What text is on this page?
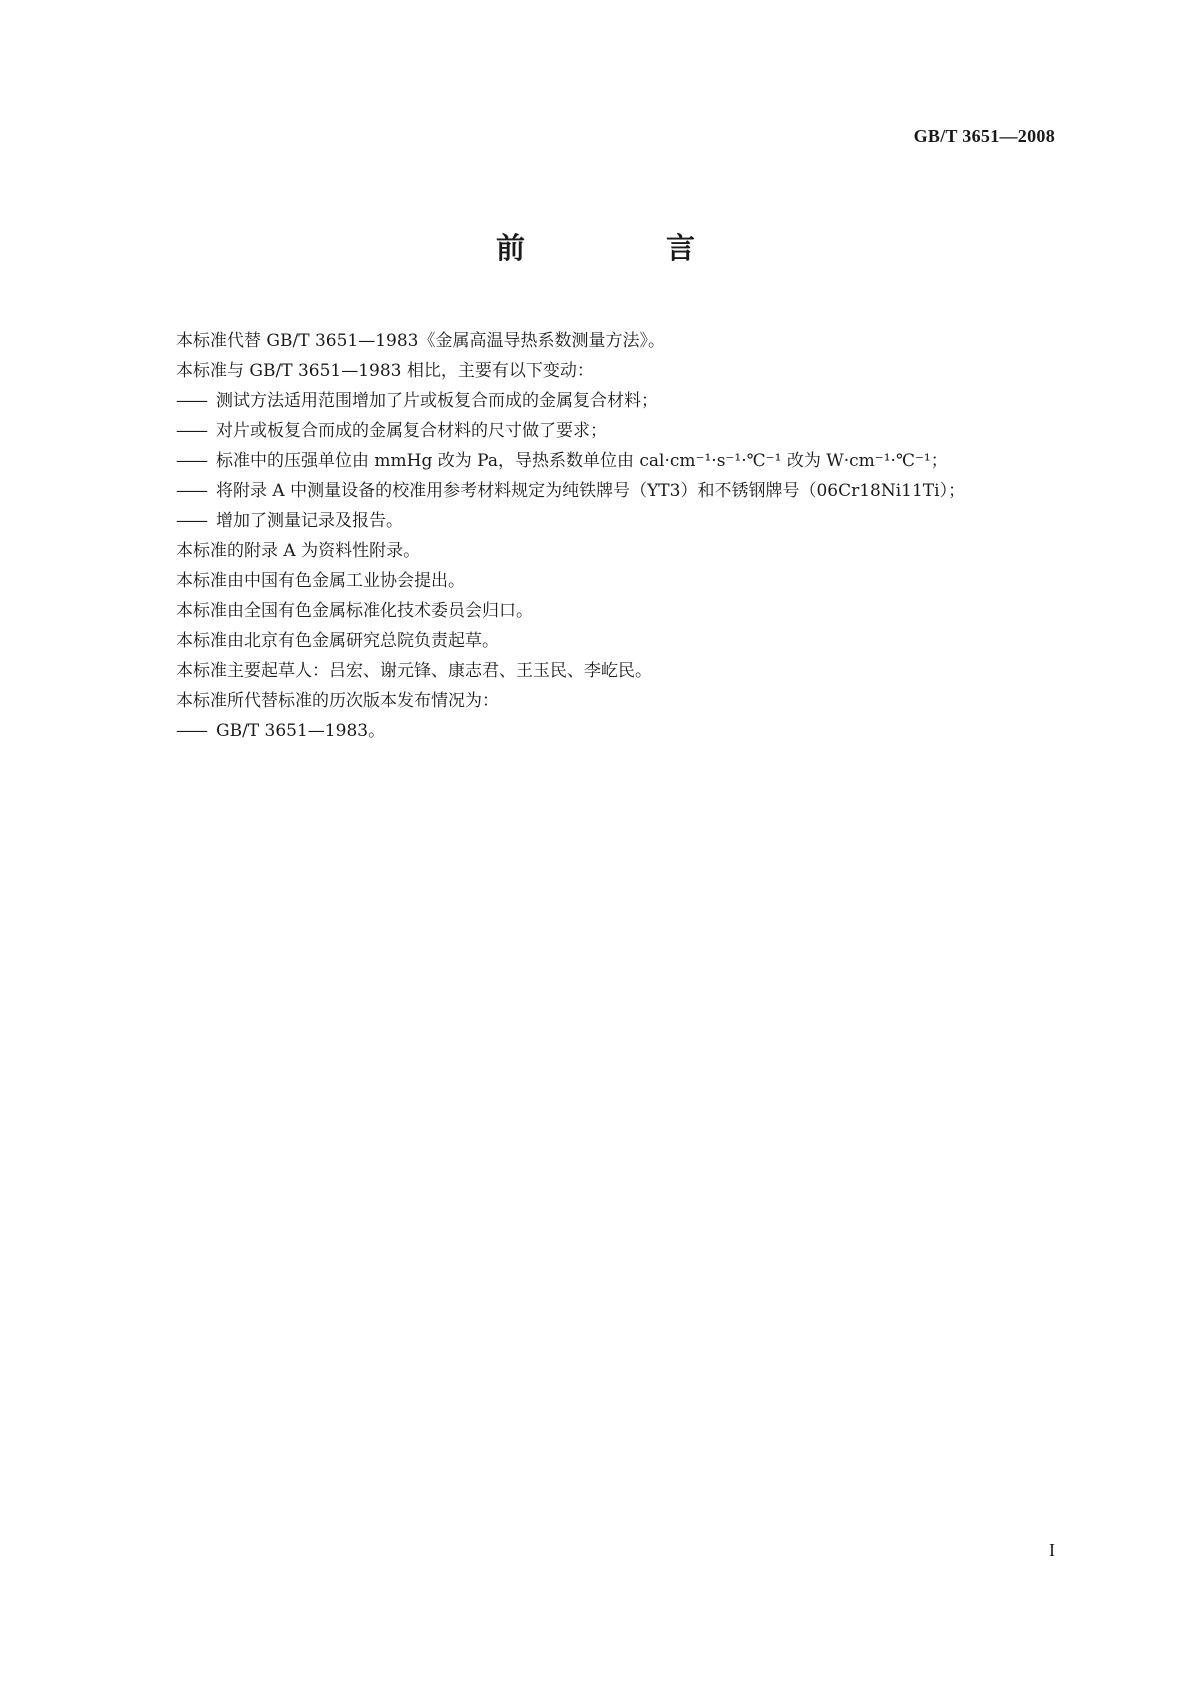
GB/T 3651—2008
前　言
本标准代替 GB/T 3651—1983《金属高温导热系数测量方法》。
本标准与 GB/T 3651—1983 相比，主要有以下变动：
—— 测试方法适用范围增加了片或板复合而成的金属复合材料；
—— 对片或板复合而成的金属复合材料的尺寸做了要求；
—— 标准中的压强单位由 mmHg 改为 Pa，导热系数单位由 cal·cm⁻¹·s⁻¹·℃⁻¹ 改为 W·cm⁻¹·℃⁻¹；
—— 将附录 A 中测量设备的校准用参考材料规定为纯铁牌号（YT3）和不锈钢牌号（06Cr18Ni11Ti）；
—— 增加了测量记录及报告。
本标准的附录 A 为资料性附录。
本标准由中国有色金属工业协会提出。
本标准由全国有色金属标准化技术委员会归口。
本标准由北京有色金属研究总院负责起草。
本标准主要起草人：吕宏、谢元锋、康志君、王玉民、李屹民。
本标准所代替标准的历次版本发布情况为：
—— GB/T 3651—1983。
I
